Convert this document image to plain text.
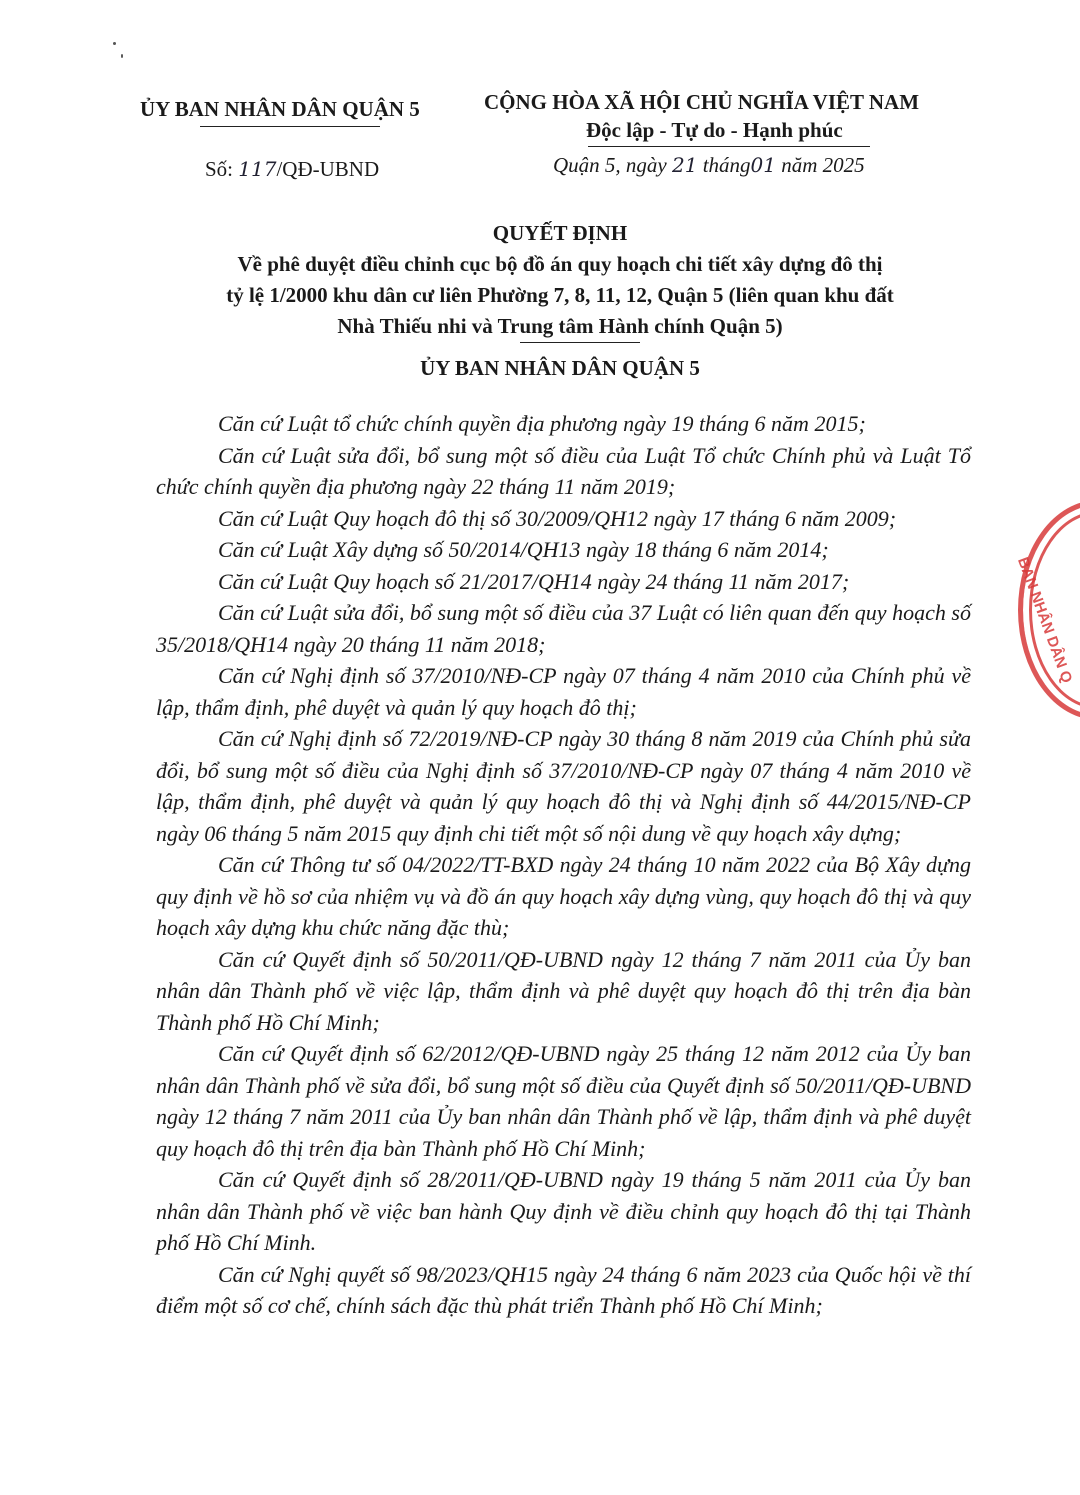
ỦY BAN NHÂN DÂN QUẬN 5	CỘNG HÒA XÃ HỘI CHỦ NGHĨA VIỆT NAM
Độc lập - Tự do - Hạnh phúc
Số: 117/QĐ-UBND	Quận 5, ngày 21 tháng01 năm 2025
QUYẾT ĐỊNH
Về phê duyệt điều chỉnh cục bộ đồ án quy hoạch chi tiết xây dựng đô thị
tỷ lệ 1/2000 khu dân cư liên Phường 7, 8, 11, 12, Quận 5 (liên quan khu đất
Nhà Thiếu nhi và Trung tâm Hành chính Quận 5)
ỦY BAN NHÂN DÂN QUẬN 5

Căn cứ Luật tổ chức chính quyền địa phương ngày 19 tháng 6 năm 2015;

Căn cứ Luật sửa đổi, bổ sung một số điều của Luật Tổ chức Chính phủ và Luật Tổ chức chính quyền địa phương ngày 22 tháng 11 năm 2019;

Căn cứ Luật Quy hoạch đô thị số 30/2009/QH12 ngày 17 tháng 6 năm 2009;

Căn cứ Luật Xây dựng số 50/2014/QH13 ngày 18 tháng 6 năm 2014;

Căn cứ Luật Quy hoạch số 21/2017/QH14 ngày 24 tháng 11 năm 2017;

Căn cứ Luật sửa đổi, bổ sung một số điều của 37 Luật có liên quan đến quy hoạch số 35/2018/QH14 ngày 20 tháng 11 năm 2018;

Căn cứ Nghị định số 37/2010/NĐ-CP ngày 07 tháng 4 năm 2010 của Chính phủ về lập, thẩm định, phê duyệt và quản lý quy hoạch đô thị;

Căn cứ Nghị định số 72/2019/NĐ-CP ngày 30 tháng 8 năm 2019 của Chính phủ sửa đổi, bổ sung một số điều của Nghị định số 37/2010/NĐ-CP ngày 07 tháng 4 năm 2010 về lập, thẩm định, phê duyệt và quản lý quy hoạch đô thị và Nghị định số 44/2015/NĐ-CP ngày 06 tháng 5 năm 2015 quy định chi tiết một số nội dung về quy hoạch xây dựng;

Căn cứ Thông tư số 04/2022/TT-BXD ngày 24 tháng 10 năm 2022 của Bộ Xây dựng quy định về hồ sơ của nhiệm vụ và đồ án quy hoạch xây dựng vùng, quy hoạch đô thị và quy hoạch xây dựng khu chức năng đặc thù;

Căn cứ Quyết định số 50/2011/QĐ-UBND ngày 12 tháng 7 năm 2011 của Ủy ban nhân dân Thành phố về việc lập, thẩm định và phê duyệt quy hoạch đô thị trên địa bàn Thành phố Hồ Chí Minh;

Căn cứ Quyết định số 62/2012/QĐ-UBND ngày 25 tháng 12 năm 2012 của Ủy ban nhân dân Thành phố về sửa đổi, bổ sung một số điều của Quyết định số 50/2011/QĐ-UBND ngày 12 tháng 7 năm 2011 của Ủy ban nhân dân Thành phố về lập, thẩm định và phê duyệt quy hoạch đô thị trên địa bàn Thành phố Hồ Chí Minh;

Căn cứ Quyết định số 28/2011/QĐ-UBND ngày 19 tháng 5 năm 2011 của Ủy ban nhân dân Thành phố về việc ban hành Quy định về điều chỉnh quy hoạch đô thị tại Thành phố Hồ Chí Minh.

Căn cứ Nghị quyết số 98/2023/QH15 ngày 24 tháng 6 năm 2023 của Quốc hội về thí điểm một số cơ chế, chính sách đặc thù phát triển Thành phố Hồ Chí Minh;

BAN NHÂN DÂN Q
